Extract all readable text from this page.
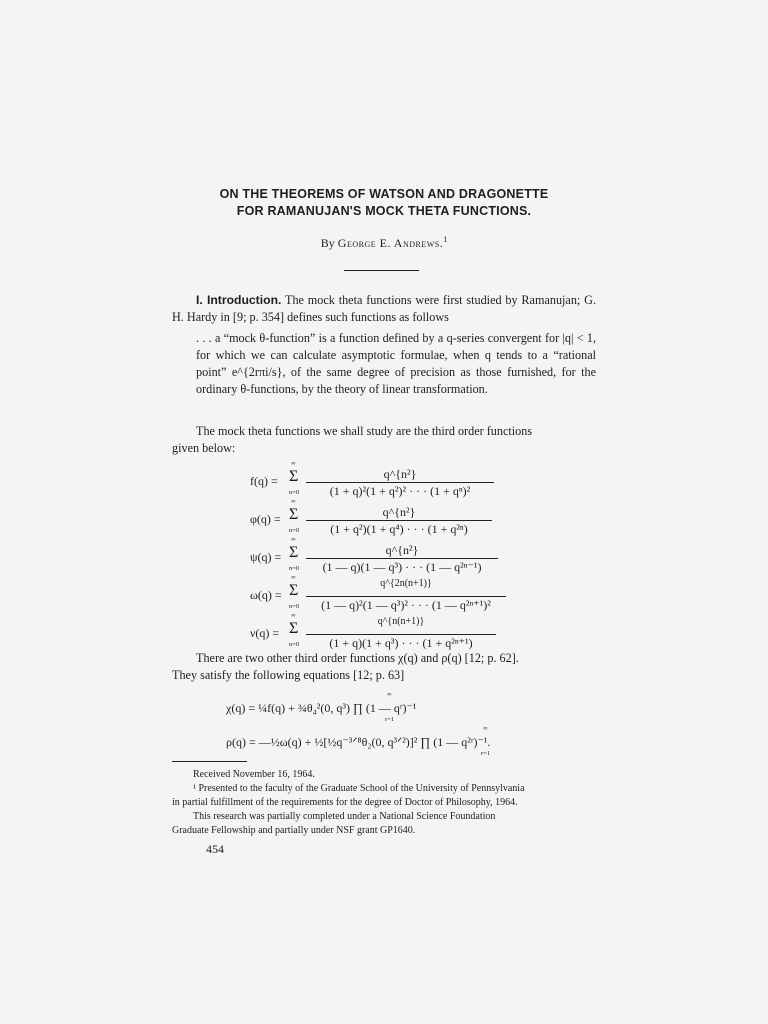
ON THE THEOREMS OF WATSON AND DRAGONETTE
FOR RAMANUJAN'S MOCK THETA FUNCTIONS.
By George E. Andrews.$^1$
I. Introduction. The mock theta functions were first studied by Ramanujan; G. H. Hardy in [9; p. 354] defines such functions as follows
. . . a “mock θ-function” is a function defined by a q-series convergent for |q| < 1, for which we can calculate asymptotic formulae, when q tends to a “rational point” e^{2rπi/s}, of the same degree of precision as those furnished, for the ordinary θ-functions, by the theory of linear transformation.
The mock theta functions we shall study are the third order functions
given below:
f(q) =
∞
Σ
n=0
q^{n²}
(1 + q)²(1 + q²)² · · · (1 + qⁿ)²
φ(q) =
∞
Σ
n=0
q^{n²}
(1 + q²)(1 + q⁴) · · · (1 + q²ⁿ)
ψ(q) =
∞
Σ
n=0
q^{n²}
(1 — q)(1 — q³) · · · (1 — q²ⁿ⁻¹)
ω(q) =
∞
Σ
n=0
q^{2n(n+1)}
(1 — q)²(1 — q³)² · · · (1 — q²ⁿ⁺¹)²
ν(q) =
∞
Σ
n=0
q^{n(n+1)}
(1 + q)(1 + q³) · · · (1 + q²ⁿ⁺¹)
There are two other third order functions χ(q) and ρ(q) [12; p. 62].
They satisfy the following equations [12; p. 63]
∞
χ(q) = ¼f(q) + ¾θ₄²(0, q³) ∏ (1 — qʳ)⁻¹
r=1
∞
ρ(q) = —½ω(q) + ½[½q⁻³ᐟ⁸θ₂(0, q³ᐟ²)]² ∏ (1 — q²ʳ)⁻¹.
r=1
Received November 16, 1964.
¹ Presented to the faculty of the Graduate School of the University of Pennsylvania
in partial fulfillment of the requirements for the degree of Doctor of Philosophy, 1964.
This research was partially completed under a National Science Foundation
Graduate Fellowship and partially under NSF grant GP1640.
454
